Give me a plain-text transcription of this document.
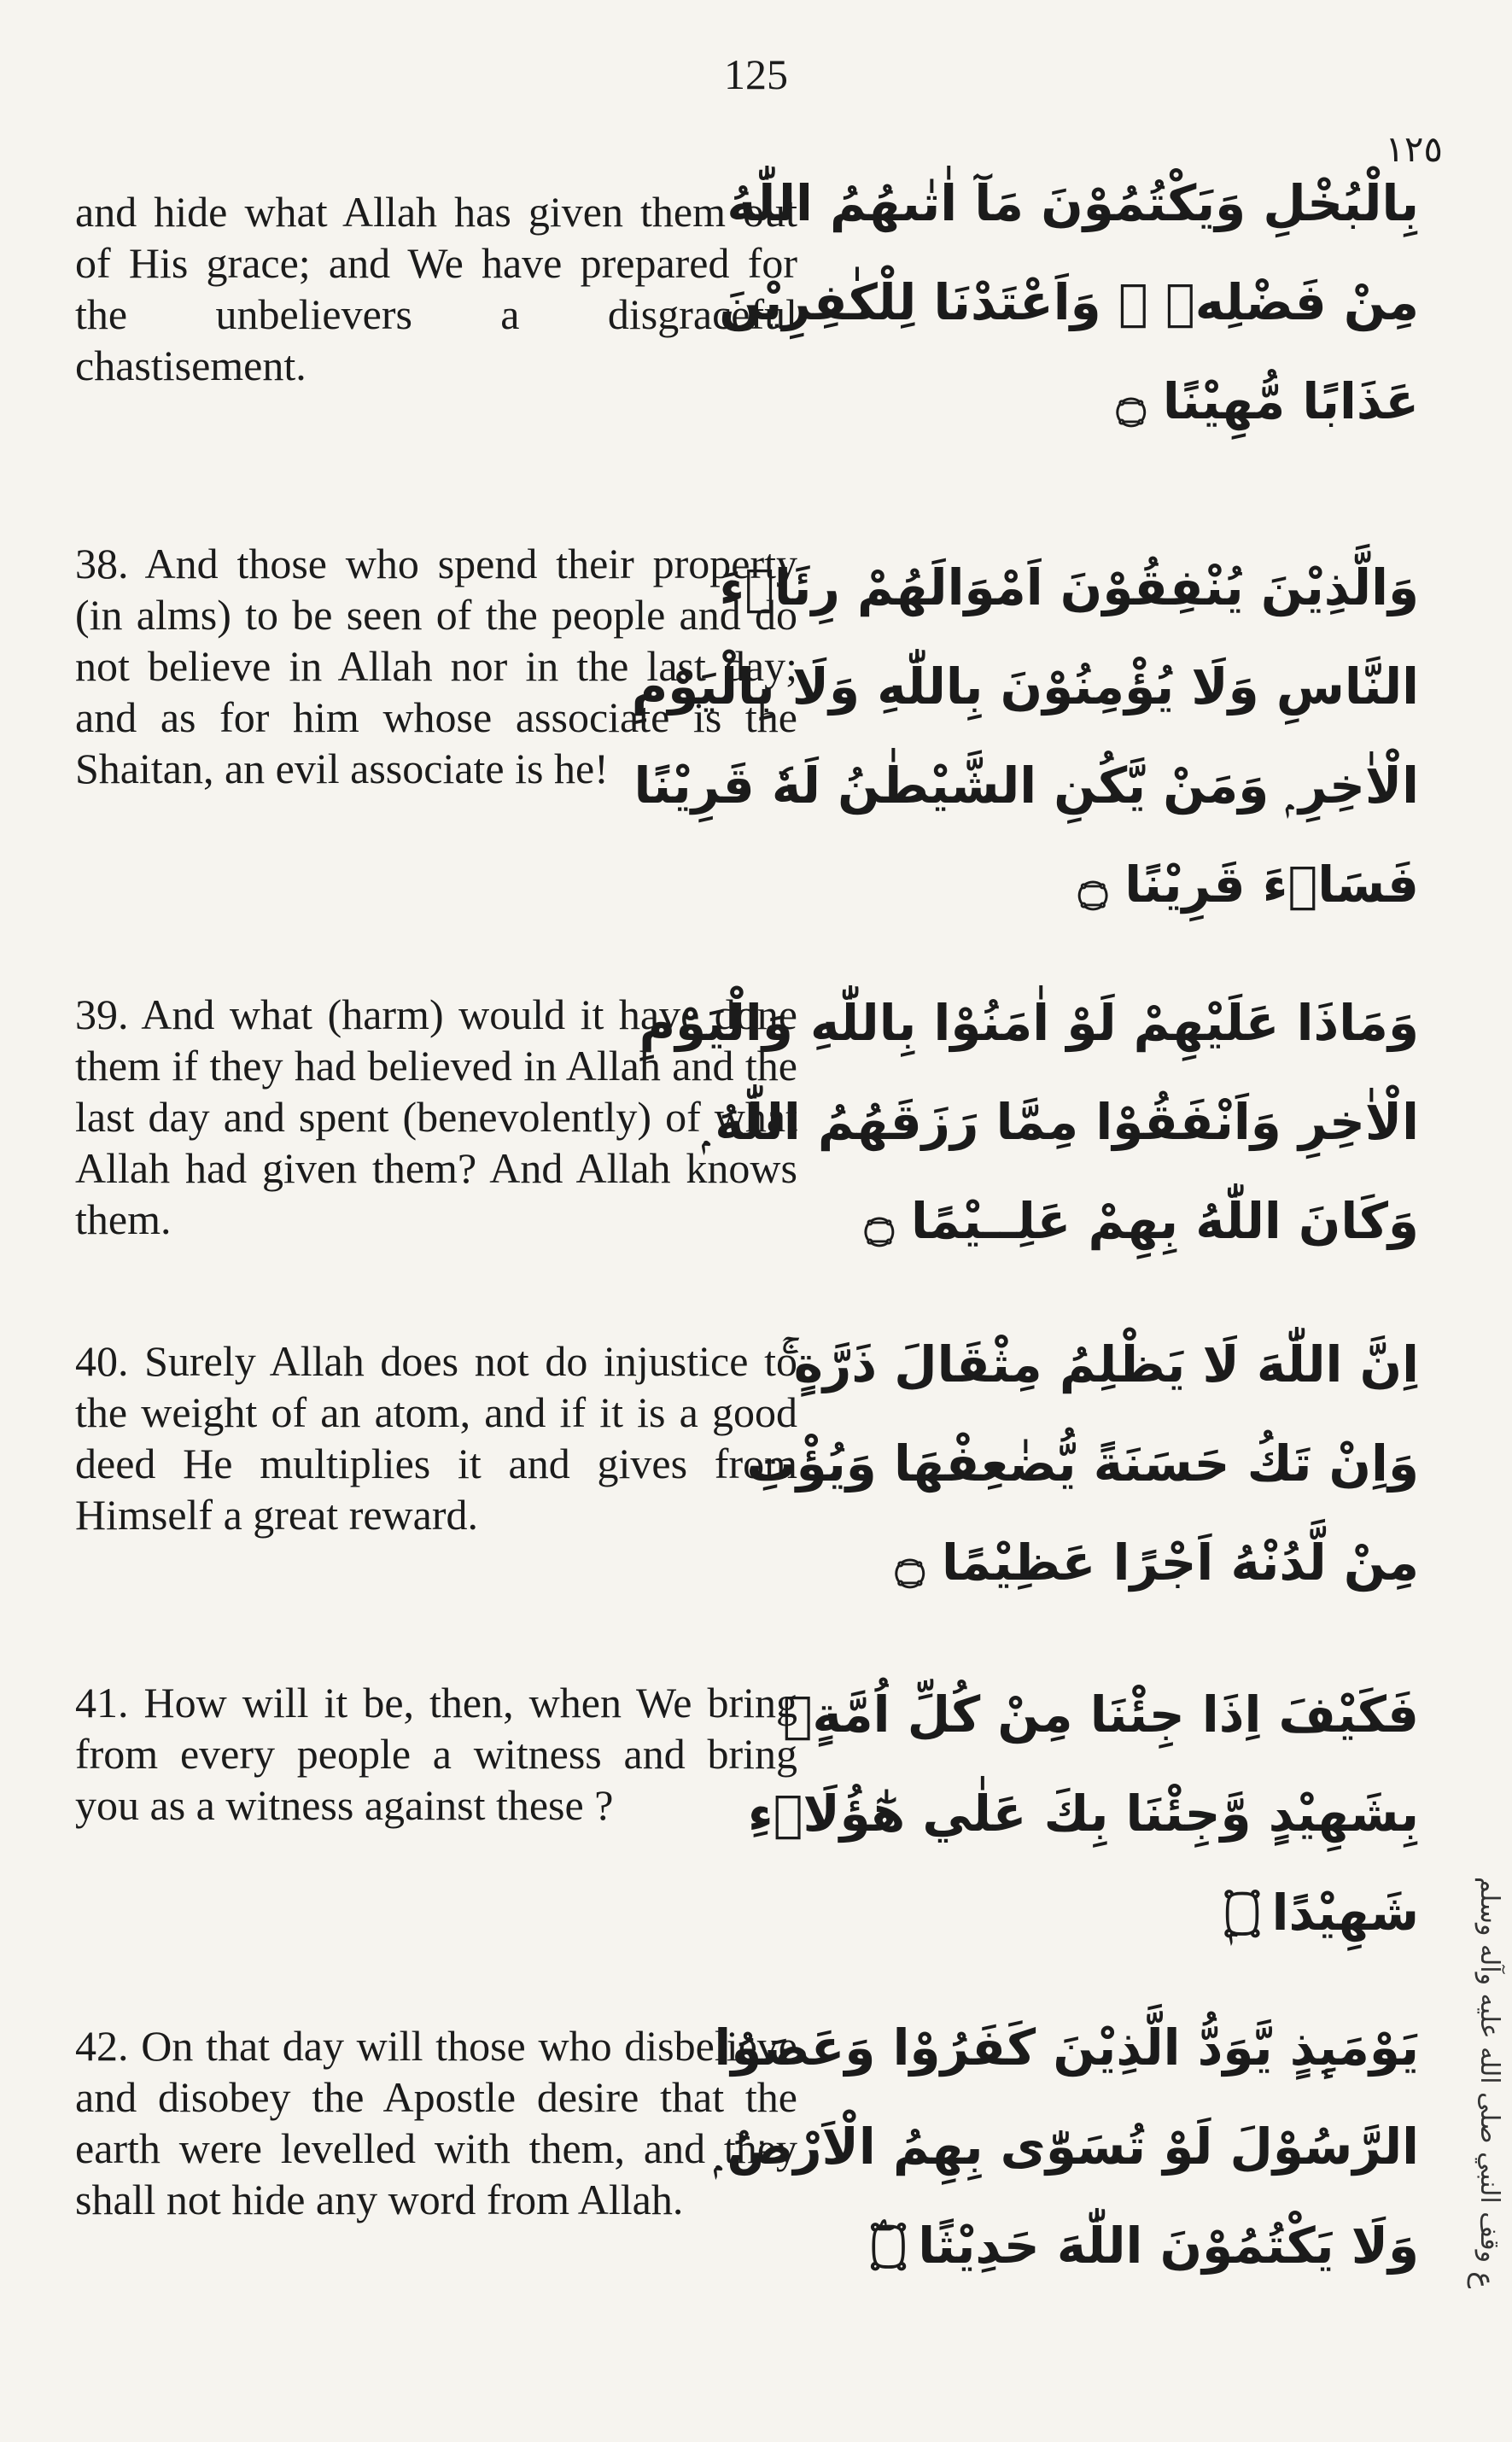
125
١٢٥

and hide what Allah has given them out of His grace; and We have prepared for the unbelievers a disgraceful chastisement.

بِالْبُخْلِ وَيَكْتُمُوْنَ مَآ اٰتٰىهُمُ اللّٰهُ
مِنْ فَضْلِهٖ ۭ وَاَعْتَدْنَا لِلْكٰفِرِيْنَ
عَذَابًا مُّهِيْنًا ۝

38. And those who spend their property (in alms) to be seen of the people and do not believe in Allah nor in the last day; and as for him whose associate is the Shaitan, an evil associate is he!

وَالَّذِيْنَ يُنْفِقُوْنَ اَمْوَالَهُمْ رِئَاۗءَ
النَّاسِ وَلَا يُؤْمِنُوْنَ بِاللّٰهِ وَلَا بِالْيَوْمِ
الْاٰخِرِ ۭ وَمَنْ يَّكُنِ الشَّيْطٰنُ لَهٗ قَرِيْنًا
فَسَاۗءَ قَرِيْنًا ۝

39. And what (harm) would it have done them if they had believed in Allah and the last day and spent (benevolently) of what Allah had given them? And Allah knows them.

وَمَاذَا عَلَيْهِمْ لَوْ اٰمَنُوْا بِاللّٰهِ وَالْيَوْمِ
الْاٰخِرِ وَاَنْفَقُوْا مِمَّا رَزَقَهُمُ اللّٰهُ ۭ
وَكَانَ اللّٰهُ بِهِمْ عَلِــيْمًا ۝

40. Surely Allah does not do injustice to the weight of an atom, and if it is a good deed He multiplies it and gives from Himself a great reward.

اِنَّ اللّٰهَ لَا يَظْلِمُ مِثْقَالَ ذَرَّةٍ ۚ
وَاِنْ تَكُ حَسَنَةً يُّضٰعِفْھَا وَيُؤْتِ
مِنْ لَّدُنْهُ اَجْرًا عَظِيْمًا ۝

41. How will it be, then, when We bring from every people a witness and bring you as a witness against these ?

فَكَيْفَ اِذَا جِئْنَا مِنْ كُلِّ اُمَّةٍۢ
بِشَهِيْدٍ وَّجِئْنَا بِكَ عَلٰي هٰٓؤُلَاۗءِ
شَهِيْدًا ۝ۭ

42. On that day will those who disbelieve and disobey the Apostle desire that the earth were levelled with them, and they shall not hide any word from Allah.

يَوْمَىِٕذٍ يَّوَدُّ الَّذِيْنَ كَفَرُوْا وَعَصَوُا
الرَّسُوْلَ لَوْ تُسَوّٰى بِهِمُ الْاَرْضُ ۭ
وَلَا يَكْتُمُوْنَ اللّٰهَ حَدِيْثًا ۝ۧ	وقف النبي صلى الله عليه وآله وسلم
ع
